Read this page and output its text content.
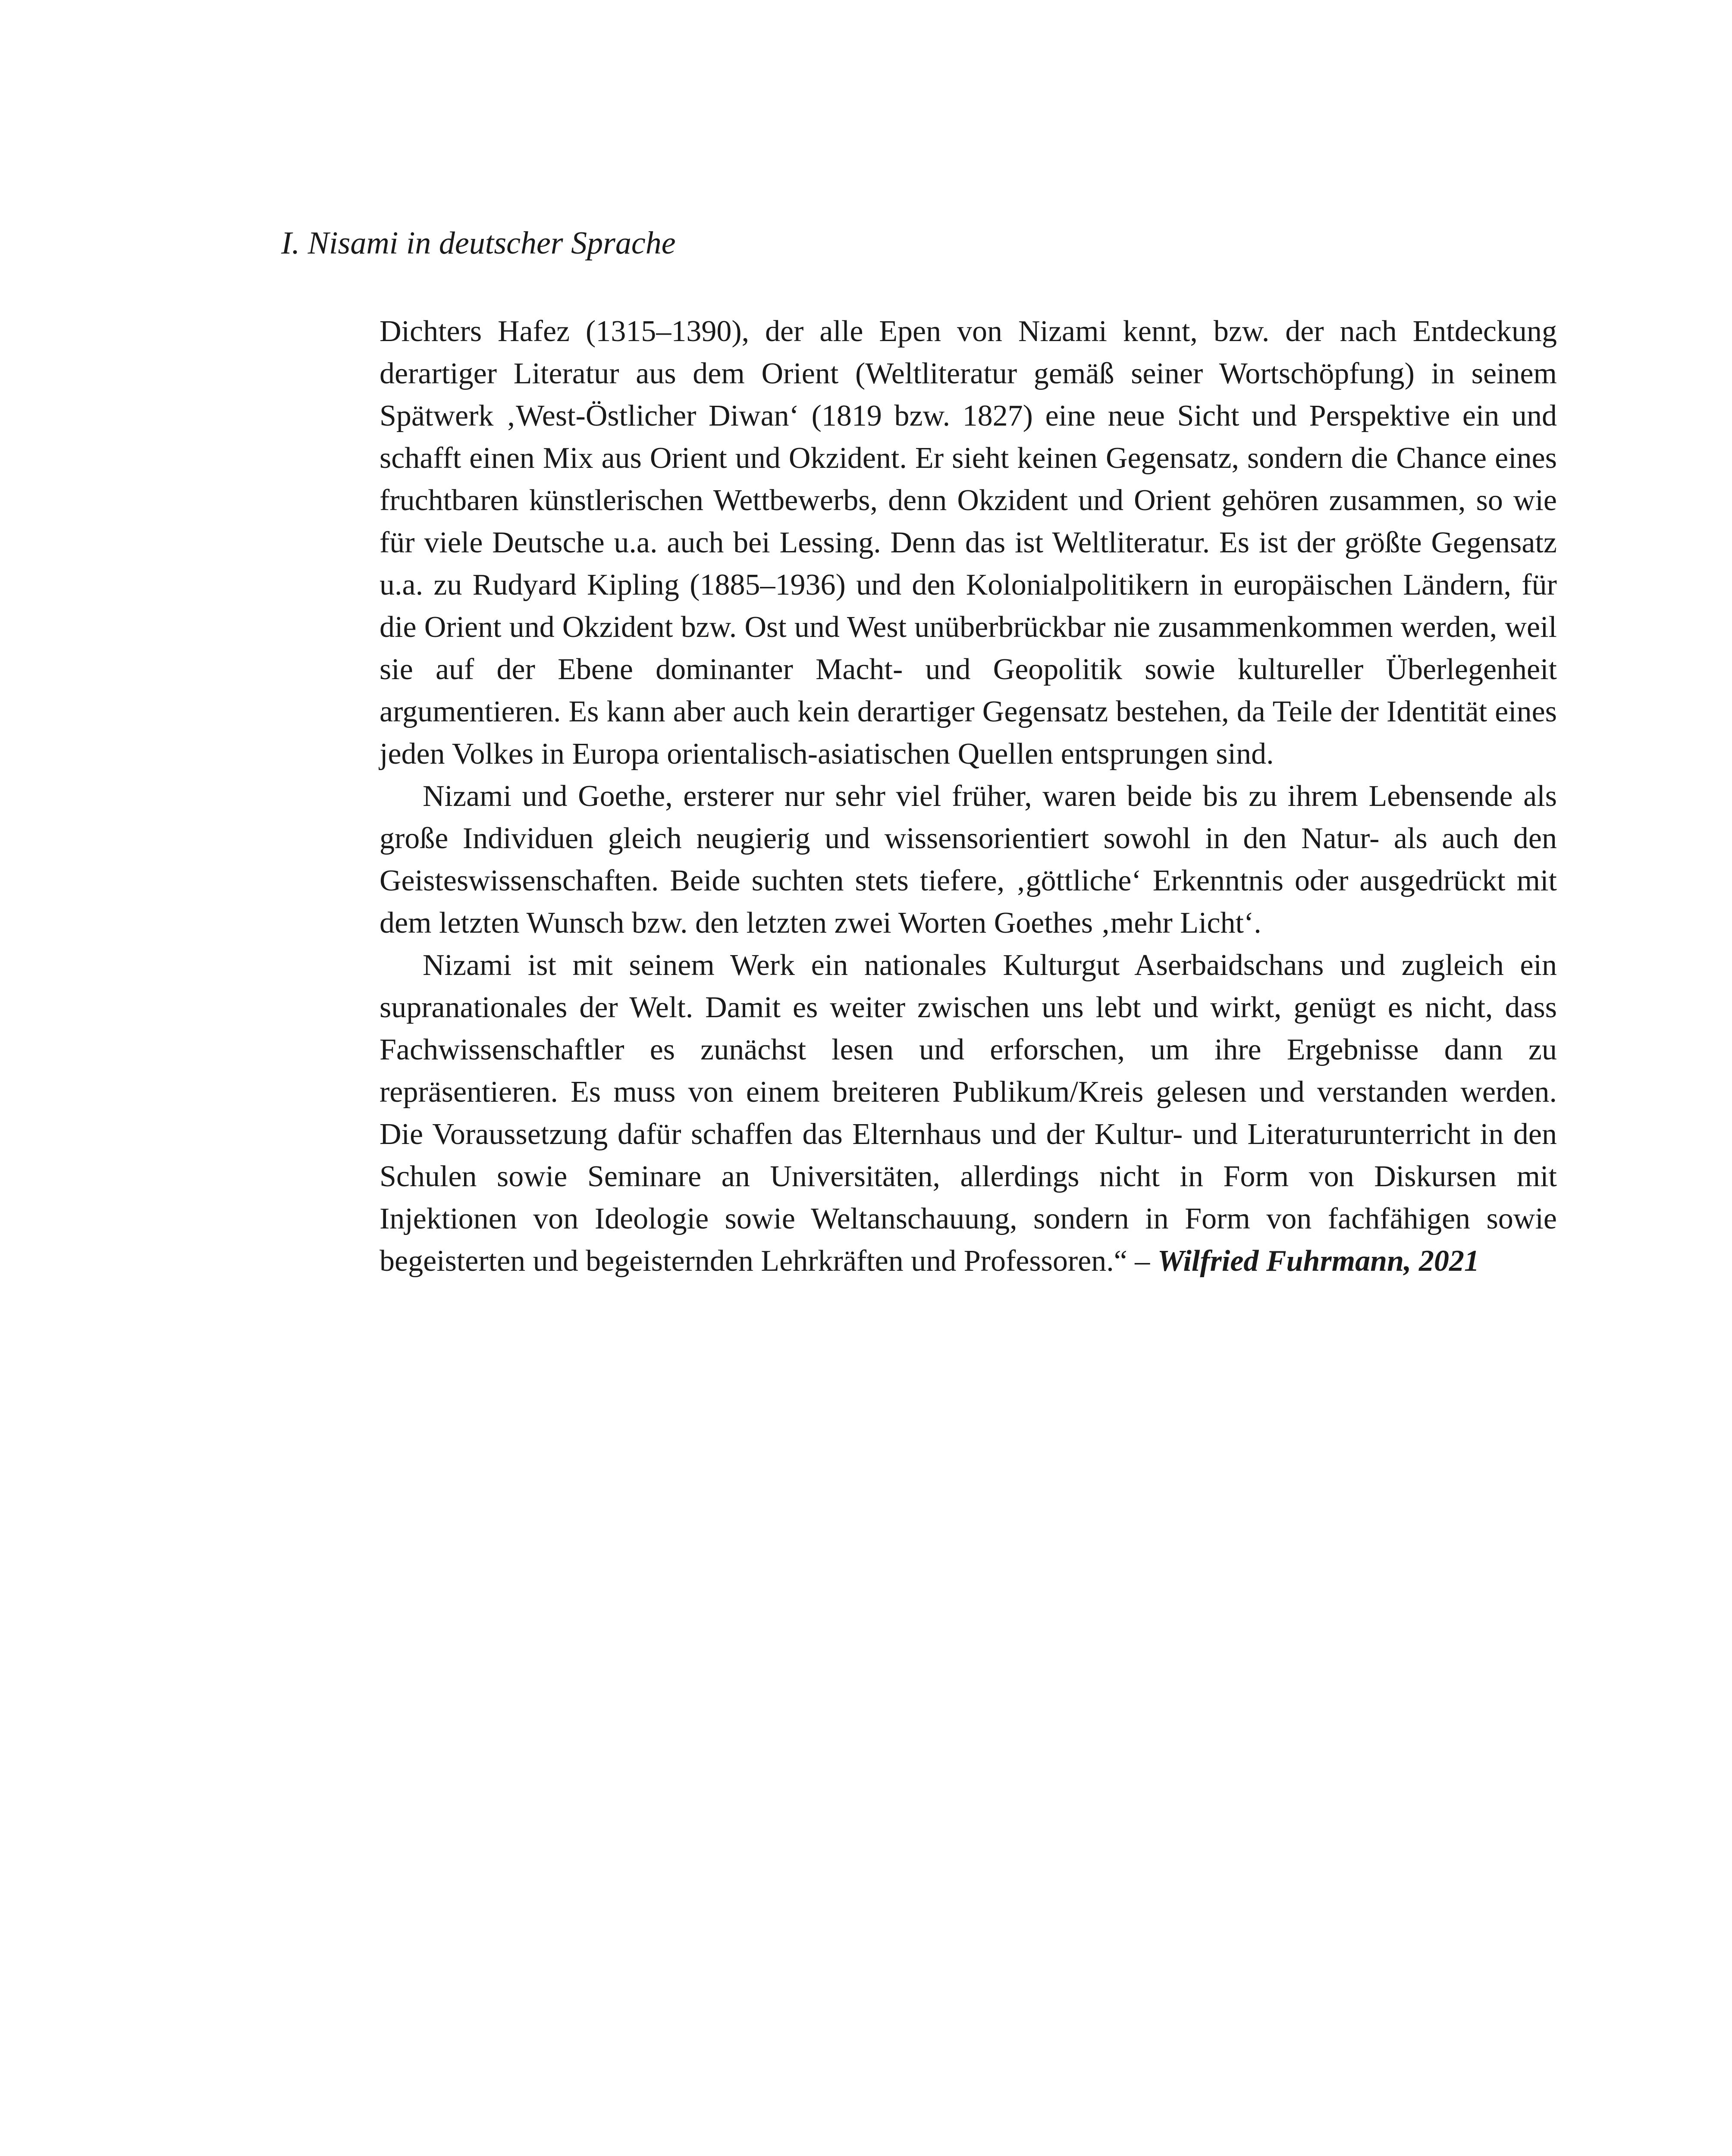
I. Nisami in deutscher Sprache

Dichters Hafez (1315–1390), der alle Epen von Nizami kennt, bzw. der nach Entdeckung derartiger Literatur aus dem Orient (Weltliteratur gemäß seiner Wortschöpfung) in seinem Spätwerk ‚West-Östlicher Diwan‘ (1819 bzw. 1827) eine neue Sicht und Perspektive ein und schafft einen Mix aus Orient und Okzident. Er sieht keinen Gegensatz, sondern die Chance eines fruchtbaren künstlerischen Wettbewerbs, denn Okzident und Orient gehören zusammen, so wie für viele Deutsche u.a. auch bei Lessing. Denn das ist Weltliteratur. Es ist der größte Gegensatz u.a. zu Rudyard Kipling (1885–1936) und den Kolonialpolitikern in europäischen Ländern, für die Orient und Okzident bzw. Ost und West unüberbrückbar nie zusammenkommen werden, weil sie auf der Ebene dominanter Macht- und Geopolitik sowie kultureller Überlegenheit argumentieren. Es kann aber auch kein derartiger Gegensatz bestehen, da Teile der Identität eines jeden Volkes in Europa orientalisch-asiatischen Quellen entsprungen sind.

Nizami und Goethe, ersterer nur sehr viel früher, waren beide bis zu ihrem Lebensende als große Individuen gleich neugierig und wissensorientiert sowohl in den Natur- als auch den Geisteswissenschaften. Beide suchten stets tiefere, ‚göttliche‘ Erkenntnis oder ausgedrückt mit dem letzten Wunsch bzw. den letzten zwei Worten Goethes ‚mehr Licht‘.

Nizami ist mit seinem Werk ein nationales Kulturgut Aserbaidschans und zugleich ein supranationales der Welt. Damit es weiter zwischen uns lebt und wirkt, genügt es nicht, dass Fachwissenschaftler es zunächst lesen und erforschen, um ihre Ergebnisse dann zu repräsentieren. Es muss von einem breiteren Publikum/Kreis gelesen und verstanden werden. Die Voraussetzung dafür schaffen das Elternhaus und der Kultur- und Literaturunterricht in den Schulen sowie Seminare an Universitäten, allerdings nicht in Form von Diskursen mit Injektionen von Ideologie sowie Weltanschauung, sondern in Form von fachfähigen sowie begeisterten und begeisternden Lehrkräften und Professoren.“ – Wilfried Fuhrmann, 2021
